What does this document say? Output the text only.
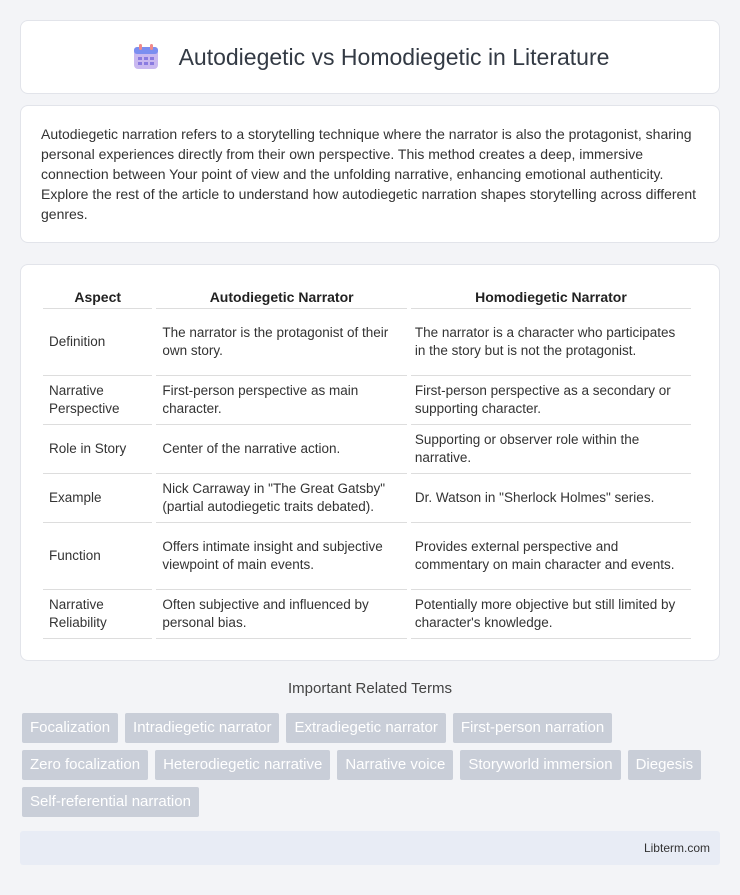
Autodiegetic vs Homodiegetic in Literature

Autodiegetic narration refers to a storytelling technique where the narrator is also the protagonist, sharing personal experiences directly from their own perspective. This method creates a deep, immersive connection between Your point of view and the unfolding narrative, enhancing emotional authenticity. Explore the rest of the article to understand how autodiegetic narration shapes storytelling across different genres.

Aspect	Autodiegetic Narrator	Homodiegetic Narrator
Definition	The narrator is the protagonist of their own story.	The narrator is a character who participates in the story but is not the protagonist.
Narrative Perspective	First-person perspective as main character.	First-person perspective as a secondary or supporting character.
Role in Story	Center of the narrative action.	Supporting or observer role within the narrative.
Example	Nick Carraway in "The Great Gatsby" (partial autodiegetic traits debated).	Dr. Watson in "Sherlock Holmes" series.
Function	Offers intimate insight and subjective viewpoint of main events.	Provides external perspective and commentary on main character and events.
Narrative Reliability	Often subjective and influenced by personal bias.	Potentially more objective but still limited by character's knowledge.
Important Related Terms
Focalization	Intradiegetic narrator	Extradiegetic narrator	First-person narration
Zero focalization	Heterodiegetic narrative	Narrative voice	Storyworld immersion	Diegesis
Self-referential narration
Libterm.com
